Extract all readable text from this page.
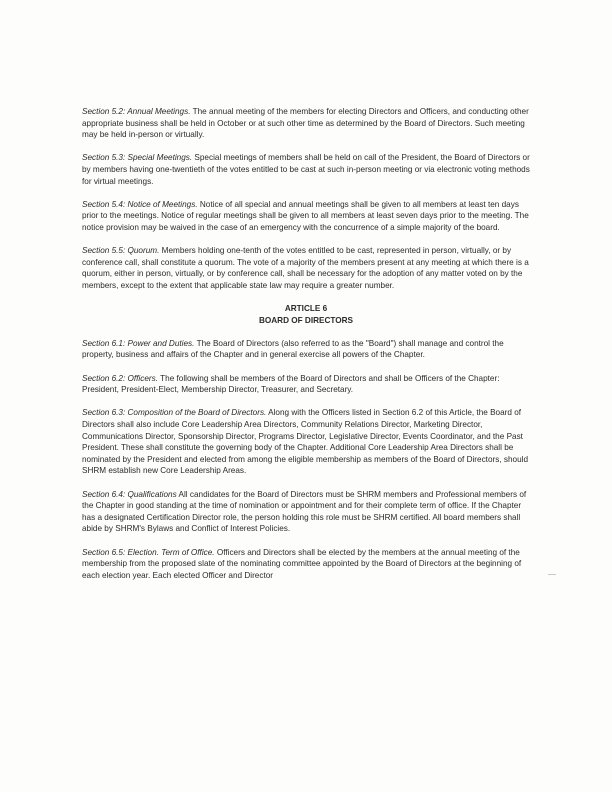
Section 5.2: Annual Meetings. The annual meeting of the members for electing Directors and Officers, and conducting other appropriate business shall be held in October or at such other time as determined by the Board of Directors. Such meeting may be held in-person or virtually.

Section 5.3: Special Meetings. Special meetings of members shall be held on call of the President, the Board of Directors or by members having one-twentieth of the votes entitled to be cast at such in-person meeting or via electronic voting methods for virtual meetings.

Section 5.4: Notice of Meetings. Notice of all special and annual meetings shall be given to all members at least ten days prior to the meetings. Notice of regular meetings shall be given to all members at least seven days prior to the meeting. The notice provision may be waived in the case of an emergency with the concurrence of a simple majority of the board.

Section 5.5: Quorum. Members holding one-tenth of the votes entitled to be cast, represented in person, virtually, or by conference call, shall constitute a quorum. The vote of a majority of the members present at any meeting at which there is a quorum, either in person, virtually, or by conference call, shall be necessary for the adoption of any matter voted on by the members, except to the extent that applicable state law may require a greater number.

ARTICLE 6
BOARD OF DIRECTORS

Section 6.1: Power and Duties. The Board of Directors (also referred to as the "Board") shall manage and control the property, business and affairs of the Chapter and in general exercise all powers of the Chapter.

Section 6.2: Officers. The following shall be members of the Board of Directors and shall be Officers of the Chapter: President, President-Elect, Membership Director, Treasurer, and Secretary.

Section 6.3: Composition of the Board of Directors. Along with the Officers listed in Section 6.2 of this Article, the Board of Directors shall also include Core Leadership Area Directors, Community Relations Director, Marketing Director, Communications Director, Sponsorship Director, Programs Director, Legislative Director, Events Coordinator, and the Past President. These shall constitute the governing body of the Chapter. Additional Core Leadership Area Directors shall be nominated by the President and elected from among the eligible membership as members of the Board of Directors, should SHRM establish new Core Leadership Areas.

Section 6.4: Qualifications All candidates for the Board of Directors must be SHRM members and Professional members of the Chapter in good standing at the time of nomination or appointment and for their complete term of office. If the Chapter has a designated Certification Director role, the person holding this role must be SHRM certified. All board members shall abide by SHRM's Bylaws and Conflict of Interest Policies.

Section 6.5: Election. Term of Office. Officers and Directors shall be elected by the members at the annual meeting of the membership from the proposed slate of the nominating committee appointed by the Board of Directors at the beginning of each election year. Each elected Officer and Director
